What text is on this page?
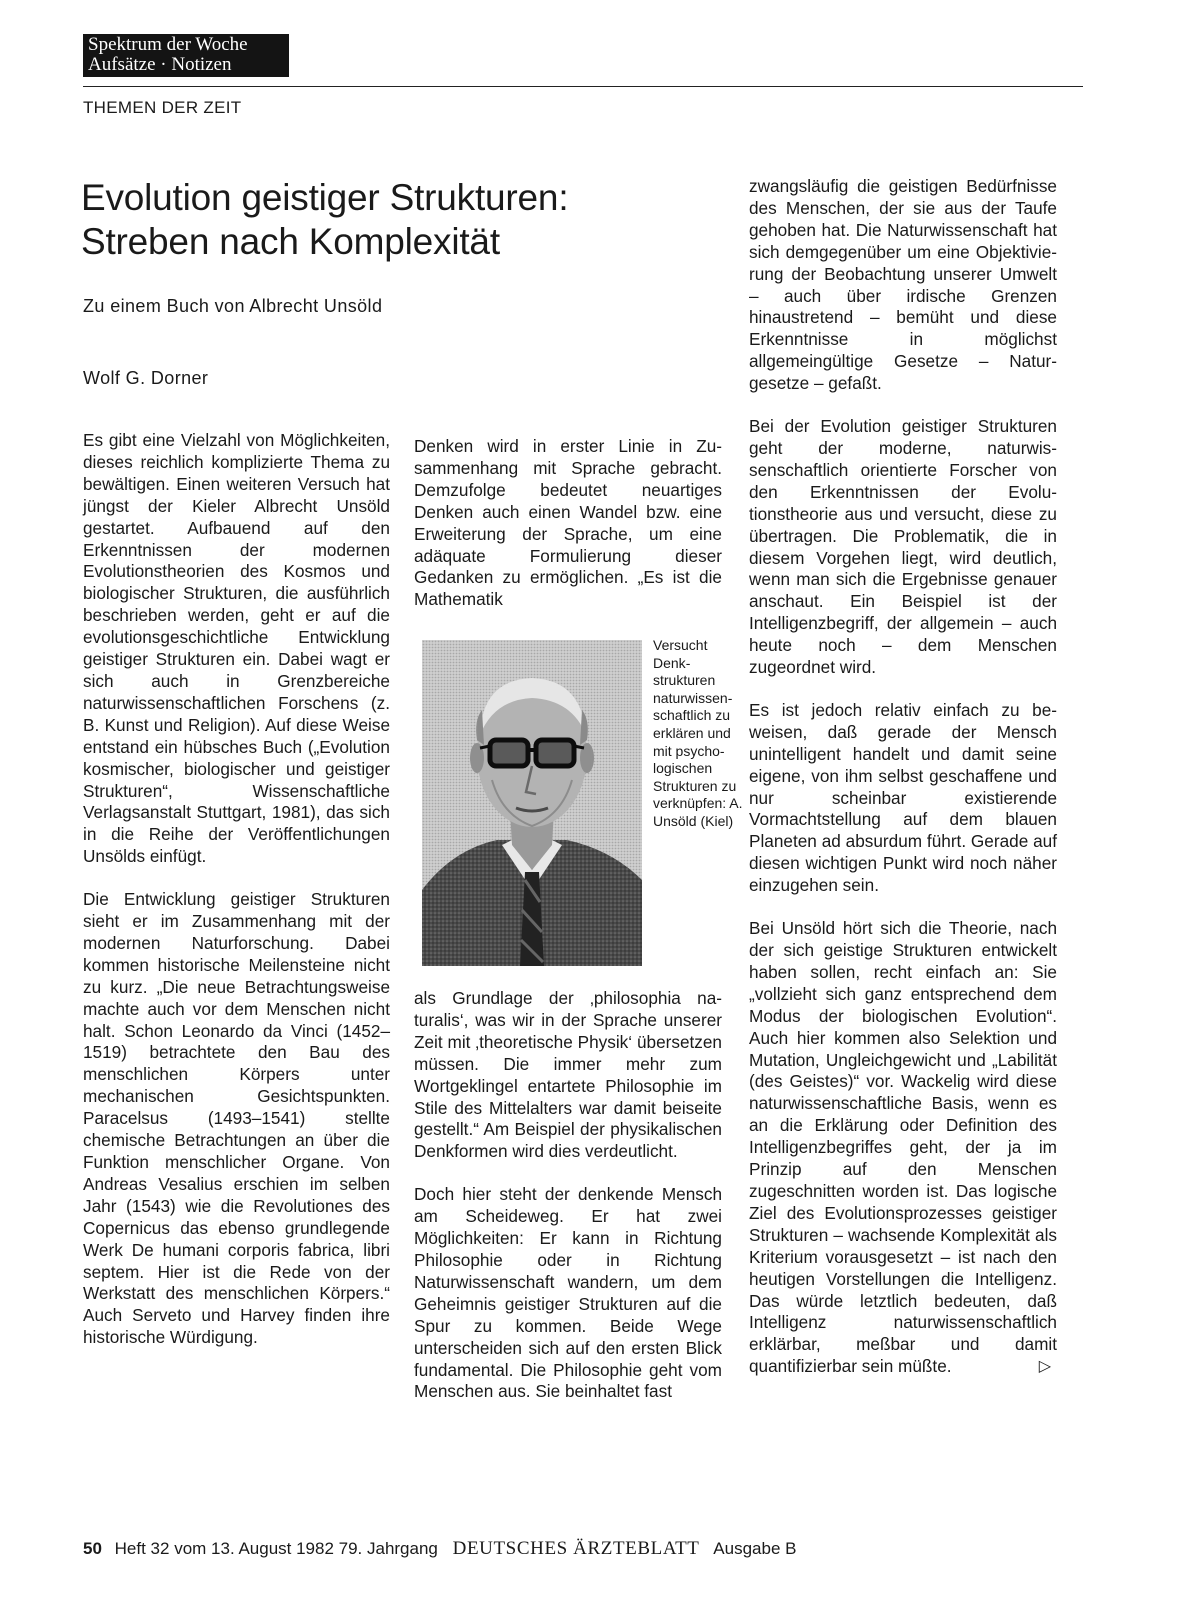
Spektrum der Woche
Aufsätze · Notizen
THEMEN DER ZEIT
Evolution geistiger Strukturen:
Streben nach Komplexität
Zu einem Buch von Albrecht Unsöld
Wolf G. Dorner

Es gibt eine Vielzahl von Möglichkeiten, dieses reichlich komplizierte Thema zu bewältigen. Einen weiteren Versuch hat jüngst der Kieler Albrecht Unsöld gestartet. Aufbauend auf den Erkenntnissen der modernen Evolutionstheorien des Kosmos und biologischer Strukturen, die ausführlich beschrieben werden, geht er auf die evolutionsgeschichtliche Entwicklung geistiger Strukturen ein. Dabei wagt er sich auch in Grenzbereiche naturwissenschaftlichen Forschens (z. B. Kunst und Religion). Auf diese Weise entstand ein hübsches Buch („Evolution kosmischer, biologischer und geistiger Strukturen“, Wissenschaftliche Verlagsanstalt Stuttgart, 1981), das sich in die Reihe der Veröffentlichungen Unsölds einfügt.

Die Entwicklung geistiger Strukturen sieht er im Zusammenhang mit der modernen Naturforschung. Dabei kommen historische Meilensteine nicht zu kurz. „Die neue Betrachtungsweise machte auch vor dem Menschen nicht halt. Schon Leonardo da Vinci (1452–1519) betrachtete den Bau des menschlichen Körpers unter mechanischen Gesichtspunkten. Paracelsus (1493–1541) stellte chemische Betrachtungen an über die Funktion menschlicher Organe. Von Andreas Vesalius erschien im selben Jahr (1543) wie die Revolutiones des Copernicus das ebenso grundlegende Werk De humani corporis fabrica, libri septem. Hier ist die Rede von der Werkstatt des menschlichen Körpers.“ Auch Serveto und Harvey finden ihre historische Würdigung.

Denken wird in erster Linie in Zusammenhang mit Sprache gebracht. Demzufolge bedeutet neuartiges Denken auch einen Wandel bzw. eine Erweiterung der Sprache, um eine adäquate Formulierung dieser Gedanken zu ermöglichen. „Es ist die Mathematik

Versucht Denkstrukturen naturwissenschaftlich zu erklären und mit psychologischen Strukturen zu verknüpfen: A. Unsöld (Kiel)

als Grundlage der ‚philosophia naturalis‘, was wir in der Sprache unserer Zeit mit ‚theoretische Physik‘ übersetzen müssen. Die immer mehr zum Wortgeklingel entartete Philosophie im Stile des Mittelalters war damit beiseite gestellt.“ Am Beispiel der physikalischen Denkformen wird dies verdeutlicht.

Doch hier steht der denkende Mensch am Scheideweg. Er hat zwei Möglichkeiten: Er kann in Richtung Philosophie oder in Richtung Naturwissenschaft wandern, um dem Geheimnis geistiger Strukturen auf die Spur zu kommen. Beide Wege unterscheiden sich auf den ersten Blick fundamental. Die Philosophie geht vom Menschen aus. Sie beinhaltet fast

zwangsläufig die geistigen Bedürfnisse des Menschen, der sie aus der Taufe gehoben hat. Die Naturwissenschaft hat sich demgegenüber um eine Objektivierung der Beobachtung unserer Umwelt – auch über irdische Grenzen hinaustretend – bemüht und diese Erkenntnisse in möglichst allgemeingültige Gesetze – Naturgesetze – gefaßt.

Bei der Evolution geistiger Strukturen geht der moderne, naturwissenschaftlich orientierte Forscher von den Erkenntnissen der Evolutionstheorie aus und versucht, diese zu übertragen. Die Problematik, die in diesem Vorgehen liegt, wird deutlich, wenn man sich die Ergebnisse genauer anschaut. Ein Beispiel ist der Intelligenzbegriff, der allgemein – auch heute noch – dem Menschen zugeordnet wird.

Es ist jedoch relativ einfach zu beweisen, daß gerade der Mensch unintelligent handelt und damit seine eigene, von ihm selbst geschaffene und nur scheinbar existierende Vormachtstellung auf dem blauen Planeten ad absurdum führt. Gerade auf diesen wichtigen Punkt wird noch näher einzugehen sein.

Bei Unsöld hört sich die Theorie, nach der sich geistige Strukturen entwickelt haben sollen, recht einfach an: Sie „vollzieht sich ganz entsprechend dem Modus der biologischen Evolution“. Auch hier kommen also Selektion und Mutation, Ungleichgewicht und „Labilität (des Geistes)“ vor. Wackelig wird diese naturwissenschaftliche Basis, wenn es an die Erklärung oder Definition des Intelligenzbegriffes geht, der ja im Prinzip auf den Menschen zugeschnitten worden ist. Das logische Ziel des Evolutionsprozesses geistiger Strukturen – wachsende Komplexität als Kriterium vorausgesetzt – ist nach den heutigen Vorstellungen die Intelligenz. Das würde letztlich bedeuten, daß Intelligenz naturwissenschaftlich erklärbar, meßbar und damit quantifizierbar sein müßte.	▷

50 Heft 32 vom 13. August 1982 79. Jahrgang DEUTSCHES ÄRZTEBLATT Ausgabe B
